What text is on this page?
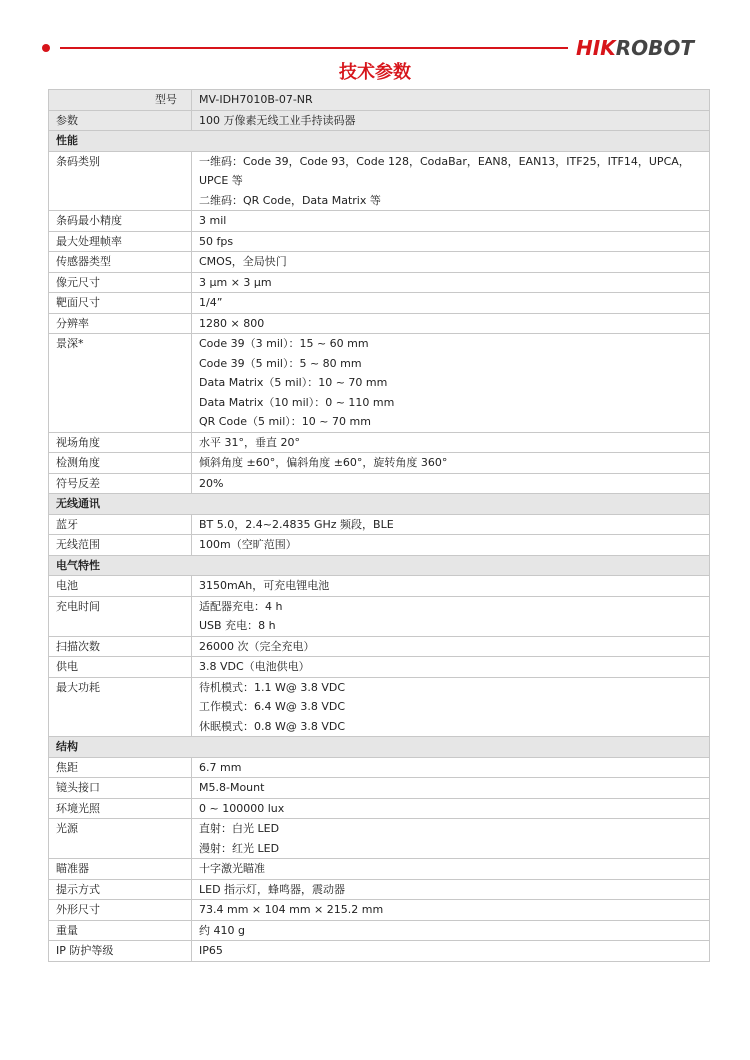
HIKROBOT
技术参数
型号	MV-IDH7010B-07-NR
参数	100 万像素无线工业手持读码器
性能	
条码类别	一维码：Code 39，Code 93，Code 128，CodaBar，EAN8，EAN13，ITF25，ITF14，UPCA，
UPCE 等
二维码：QR Code，Data Matrix 等

条码最小精度	3 mil

最大处理帧率	50 fps

传感器类型	CMOS，全局快门

像元尺寸	3 μm × 3 μm

靶面尺寸	1/4”

分辨率	1280 × 800

景深*	Code 39（3 mil）：15 ~ 60 mm
Code 39（5 mil）：5 ~ 80 mm
Data Matrix（5 mil）：10 ~ 70 mm
Data Matrix（10 mil）：0 ~ 110 mm
QR Code（5 mil）：10 ~ 70 mm

视场角度	水平 31°，垂直 20°

检测角度	倾斜角度 ±60°，偏斜角度 ±60°，旋转角度 360°

符号反差	20%

无线通讯	
蓝牙	BT 5.0，2.4~2.4835 GHz 频段，BLE

无线范围	100m（空旷范围）

电气特性	
电池	3150mAh，可充电锂电池

充电时间	适配器充电：4 h
USB 充电：8 h

扫描次数	26000 次（完全充电）

供电	3.8 VDC（电池供电）

最大功耗	待机模式：1.1 W@ 3.8 VDC
工作模式：6.4 W@ 3.8 VDC
休眠模式：0.8 W@ 3.8 VDC

结构	
焦距	6.7 mm

镜头接口	M5.8-Mount

环境光照	0 ~ 100000 lux

光源	直射：白光 LED
漫射：红光 LED

瞄准器	十字激光瞄准

提示方式	LED 指示灯，蜂鸣器，震动器

外形尺寸	73.4 mm × 104 mm × 215.2 mm

重量	约 410 g

IP 防护等级	IP65
